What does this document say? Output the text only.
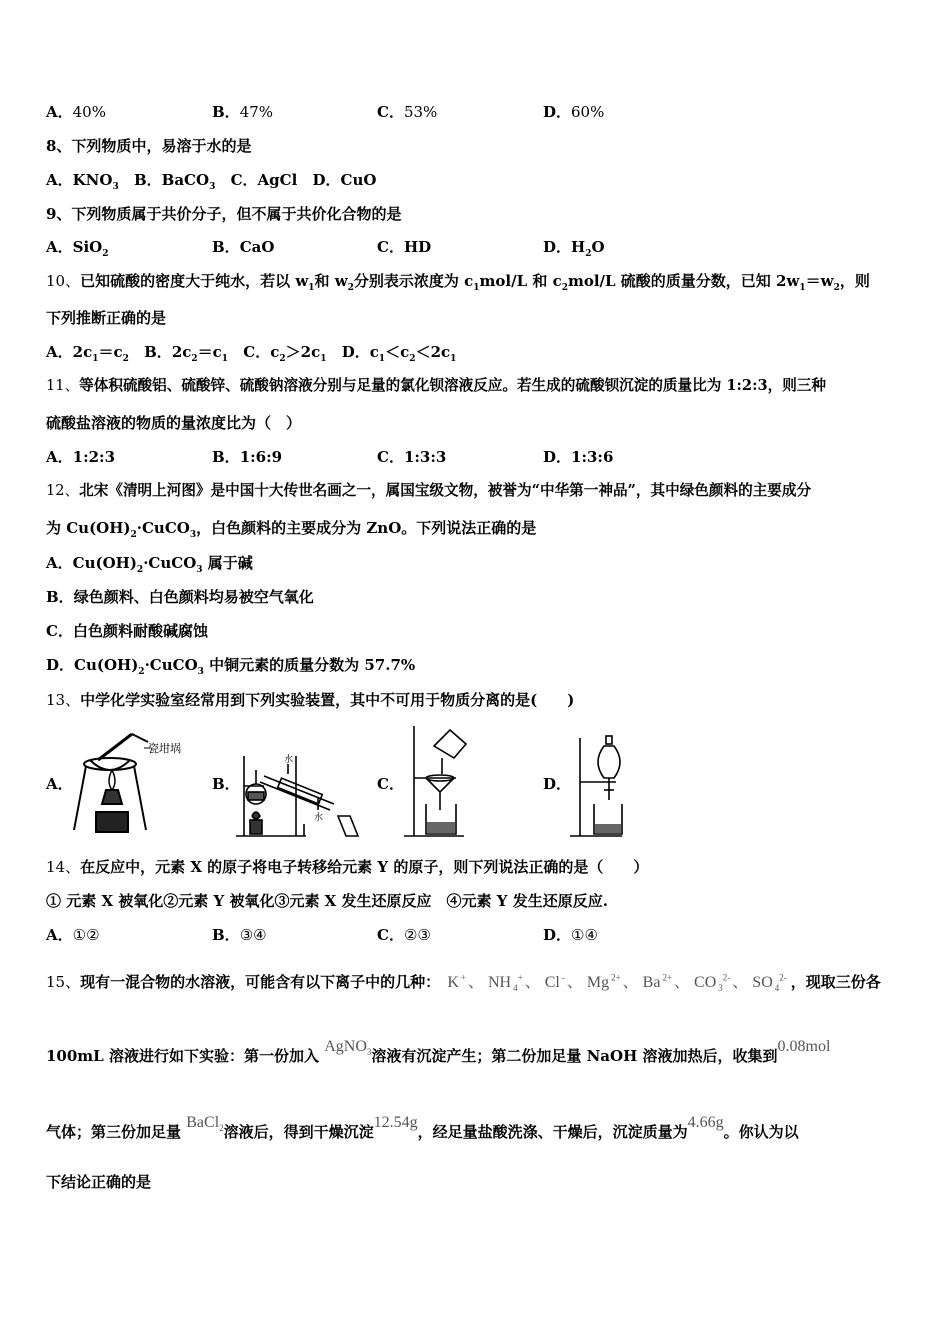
A．40%	B．47%	C．53%	D．60%
8、下列物质中，易溶于水的是
A．$KNO_3$ B．BaCO$_3$ C．AgCl D．CuO
9、下列物质属于共价分子，但不属于共价化合物的是
A．SiO$_2$	B．CaO	C．HD	D．$H_2O$
10、已知硫酸的密度大于纯水，若以 $w_1$和 $w_2$分别表示浓度为 $c_1mol/L$ 和 $c_2mol/L$ 硫酸的质量分数，已知 $2w_1=w_2$，则
下列推断正确的是
A．$2c_1=c_2$ B．$2c_2=c_1$ C．$c_2>2c_1$ D．$c_1<c_2<2c_1$
11、等体积硫酸铝、硫酸锌、硫酸钠溶液分别与足量的氯化钡溶液反应。若生成的硫酸钡沉淀的质量比为 1:2:3，则三种
硫酸盐溶液的物质的量浓度比为（　）
A．1:2:3	B．1:6:9	C．1:3:3	D．1:3:6
12、北宋《清明上河图》是中国十大传世名画之一，属国宝级文物，被誉为“中华第一神品”，其中绿色颜料的主要成分
为 $Cu(OH)_2\cdot CuCO_3$，白色颜料的主要成分为 ZnO。下列说法正确的是
A．$Cu(OH)_2\cdot CuCO_3$ 属于碱
B．绿色颜料、白色颜料均易被空气氧化
C．白色颜料耐酸碱腐蚀
D．$Cu(OH)_2\cdot CuCO_3$ 中铜元素的质量分数为 57.7%
13、中学化学实验室经常用到下列实验装置，其中不可用于物质分离的是(　　)
A．
瓷坩埚
B．
水
水
C．	D．
14、在反应中，元素 X 的原子将电子转移给元素 Y 的原子，则下列说法正确的是（　　）
① 元素 X 被氧化②元素 Y 被氧化③元素 X 发生还原反应　④元素 Y 发生还原反应.
A．①②	B．③④	C．②③	D．①④
15、现有一混合物的水溶液，可能含有以下离子中的几种： K + 、 NH $_4$+ 、 Cl - 、 Mg $^{2+}$ 、 Ba $^{2+}$ 、 CO $_3^{2-}$ 、 SO $_4^{2-}$ ，现取三份各
100mL 溶液进行如下实验：第一份加入 AgNO$_3$溶液有沉淀产生；第二份加足量 NaOH 溶液加热后，收集到0.08mol
气体；第三份加足量 BaCl$_2$溶液后，得到干燥沉淀12.54g，经足量盐酸洗涤、干燥后，沉淀质量为4.66g。你认为以
下结论正确的是
